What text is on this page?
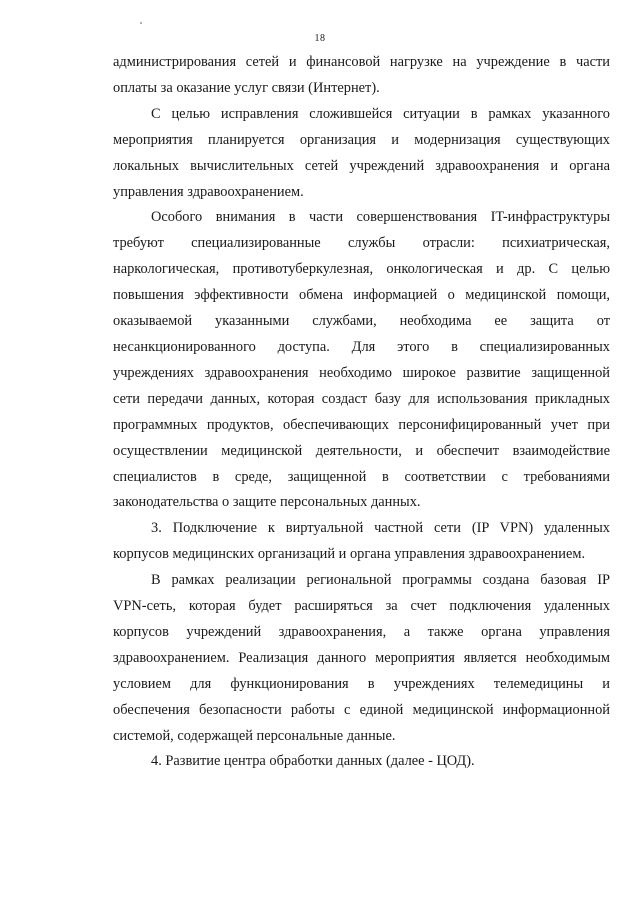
18

администрирования сетей и финансовой нагрузке на учреждение в части
оплаты за оказание услуг связи (Интернет).

С целью исправления сложившейся ситуации в рамках указанного
мероприятия планируется организация и модернизация существующих
локальных вычислительных сетей учреждений здравоохранения и органа
управления здравоохранением.

Особого внимания в части совершенствования IT-инфраструктуры
требуют специализированные службы отрасли: психиатрическая,
наркологическая, противотуберкулезная, онкологическая и др. С целью
повышения эффективности обмена информацией о медицинской помощи,
оказываемой указанными службами, необходима ее защита от
несанкционированного доступа. Для этого в специализированных
учреждениях здравоохранения необходимо широкое развитие защищенной
сети передачи данных, которая создаст базу для использования прикладных
программных продуктов, обеспечивающих персонифицированный учет при
осуществлении медицинской деятельности, и обеспечит взаимодействие
специалистов в среде, защищенной в соответствии с требованиями
законодательства о защите персональных данных.

3. Подключение к виртуальной частной сети (IP VPN) удаленных
корпусов медицинских организаций и органа управления здравоохранением.

В рамках реализации региональной программы создана базовая IP
VPN-сеть, которая будет расширяться за счет подключения удаленных
корпусов учреждений здравоохранения, а также органа управления
здравоохранением. Реализация данного мероприятия является необходимым
условием для функционирования в учреждениях телемедицины и
обеспечения безопасности работы с единой медицинской информационной
системой, содержащей персональные данные.

4. Развитие центра обработки данных (далее - ЦОД).
